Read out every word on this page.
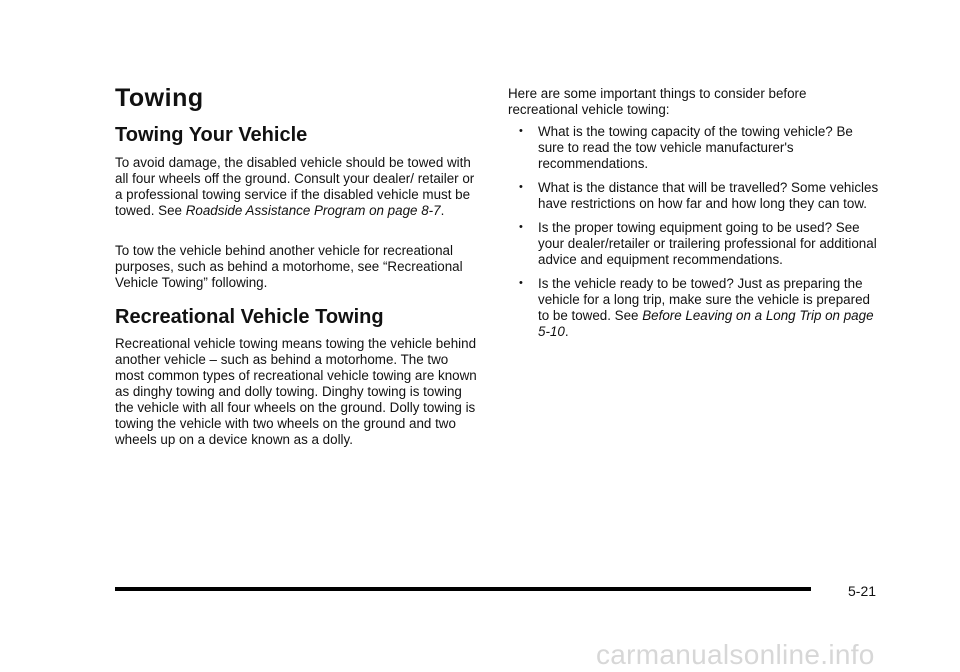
Towing
Towing Your Vehicle

To avoid damage, the disabled vehicle should be towed with all four wheels off the ground. Consult your dealer/ retailer or a professional towing service if the disabled vehicle must be towed. See Roadside Assistance Program on page 8-7.

To tow the vehicle behind another vehicle for recreational purposes, such as behind a motorhome, see “Recreational Vehicle Towing” following.

Recreational Vehicle Towing

Recreational vehicle towing means towing the vehicle behind another vehicle – such as behind a motorhome. The two most common types of recreational vehicle towing are known as dinghy towing and dolly towing. Dinghy towing is towing the vehicle with all four wheels on the ground. Dolly towing is towing the vehicle with two wheels on the ground and two wheels up on a device known as a dolly.

Here are some important things to consider before recreational vehicle towing:

• What is the towing capacity of the towing vehicle? Be sure to read the tow vehicle manufacturer's recommendations.
• What is the distance that will be travelled? Some vehicles have restrictions on how far and how long they can tow.
• Is the proper towing equipment going to be used? See your dealer/retailer or trailering professional for additional advice and equipment recommendations.
• Is the vehicle ready to be towed? Just as preparing the vehicle for a long trip, make sure the vehicle is prepared to be towed. See Before Leaving on a Long Trip on page 5-10.

5-21

carmanualsonline.info
